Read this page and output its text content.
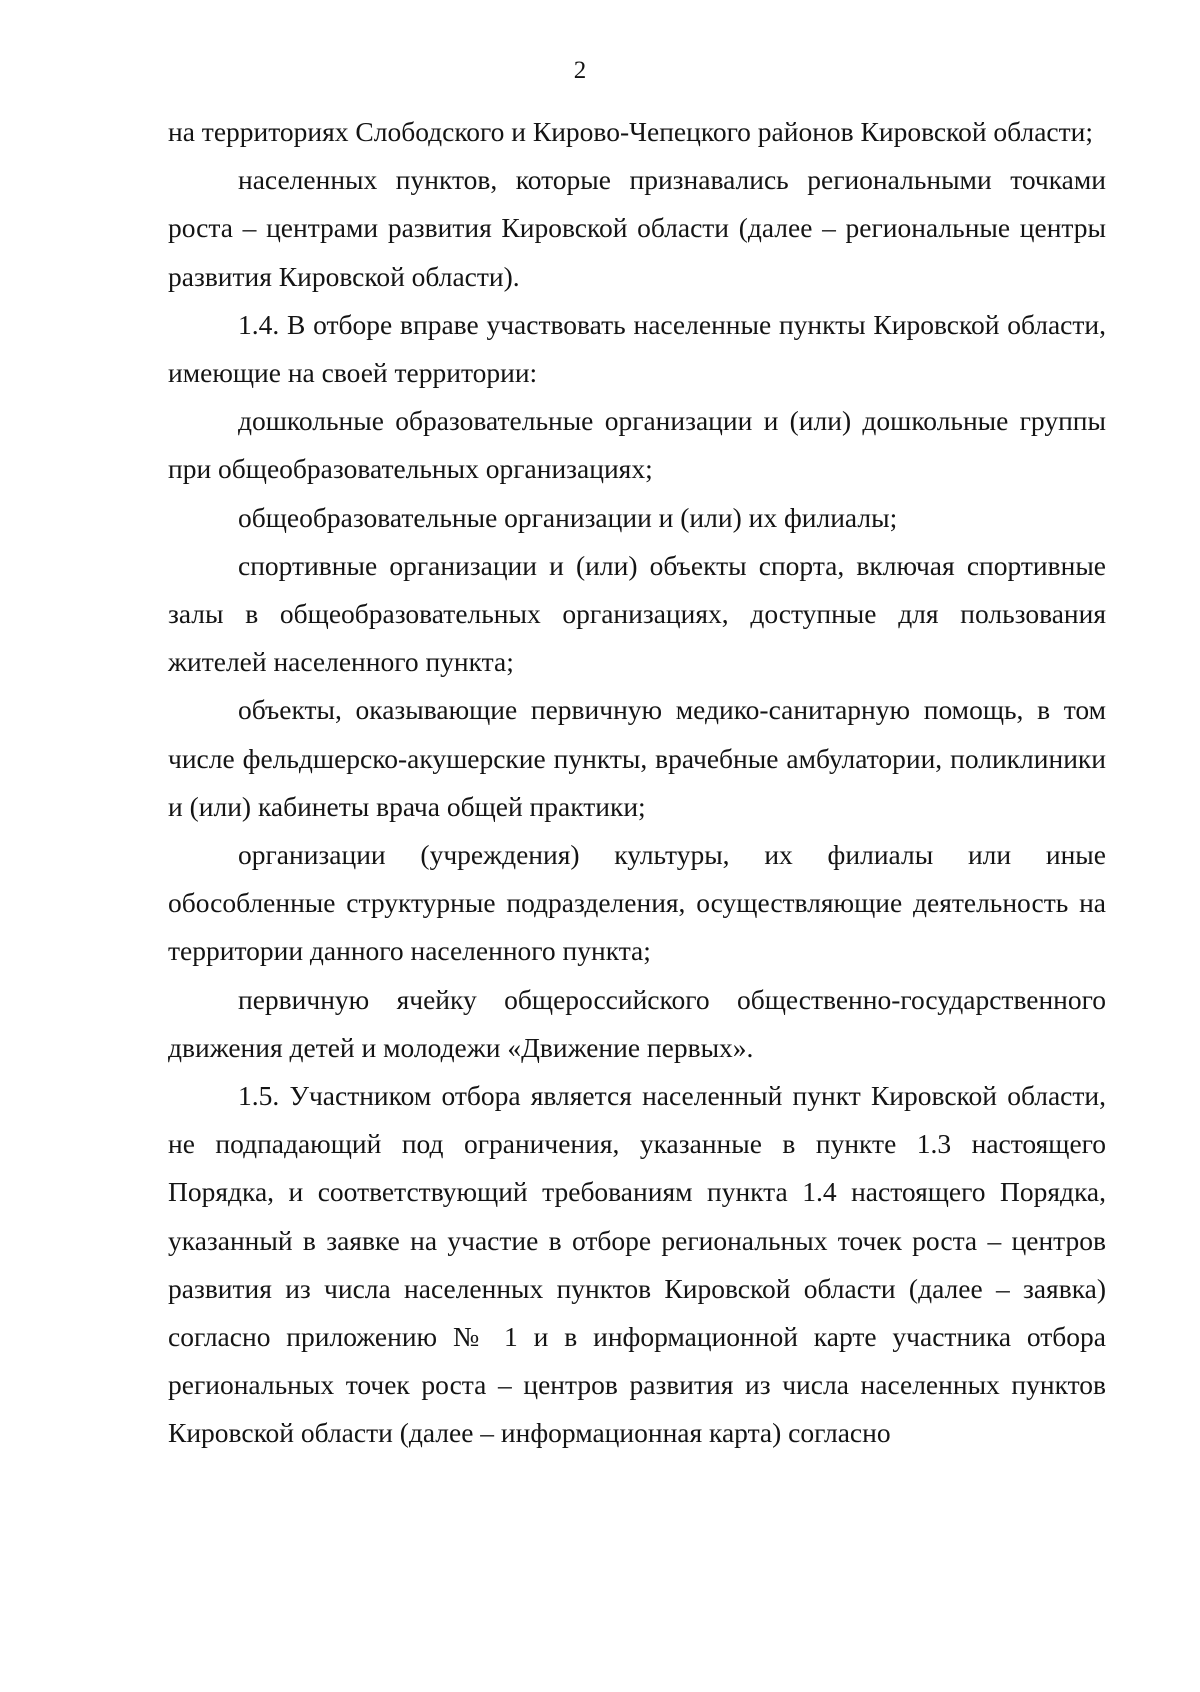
2

на территориях Слободского и Кирово-Чепецкого районов Кировской области;

населенных пунктов, которые признавались региональными точками роста – центрами развития Кировской области (далее – региональные центры развития Кировской области).

1.4. В отборе вправе участвовать населенные пункты Кировской области, имеющие на своей территории:

дошкольные образовательные организации и (или) дошкольные группы при общеобразовательных организациях;

общеобразовательные организации и (или) их филиалы;

спортивные организации и (или) объекты спорта, включая спортивные залы в общеобразовательных организациях, доступные для пользования жителей населенного пункта;

объекты, оказывающие первичную медико-санитарную помощь, в том числе фельдшерско-акушерские пункты, врачебные амбулатории, поликлиники и (или) кабинеты врача общей практики;

организации (учреждения) культуры, их филиалы или иные обособленные структурные подразделения, осуществляющие деятельность на территории данного населенного пункта;

первичную ячейку общероссийского общественно-государственного движения детей и молодежи «Движение первых».

1.5. Участником отбора является населенный пункт Кировской области, не подпадающий под ограничения, указанные в пункте 1.3 настоящего Порядка, и соответствующий требованиям пункта 1.4 настоящего Порядка, указанный в заявке на участие в отборе региональных точек роста – центров развития из числа населенных пунктов Кировской области (далее – заявка) согласно приложению № 1 и в информационной карте участника отбора региональных точек роста – центров развития из числа населенных пунктов Кировской области (далее – информационная карта) согласно
